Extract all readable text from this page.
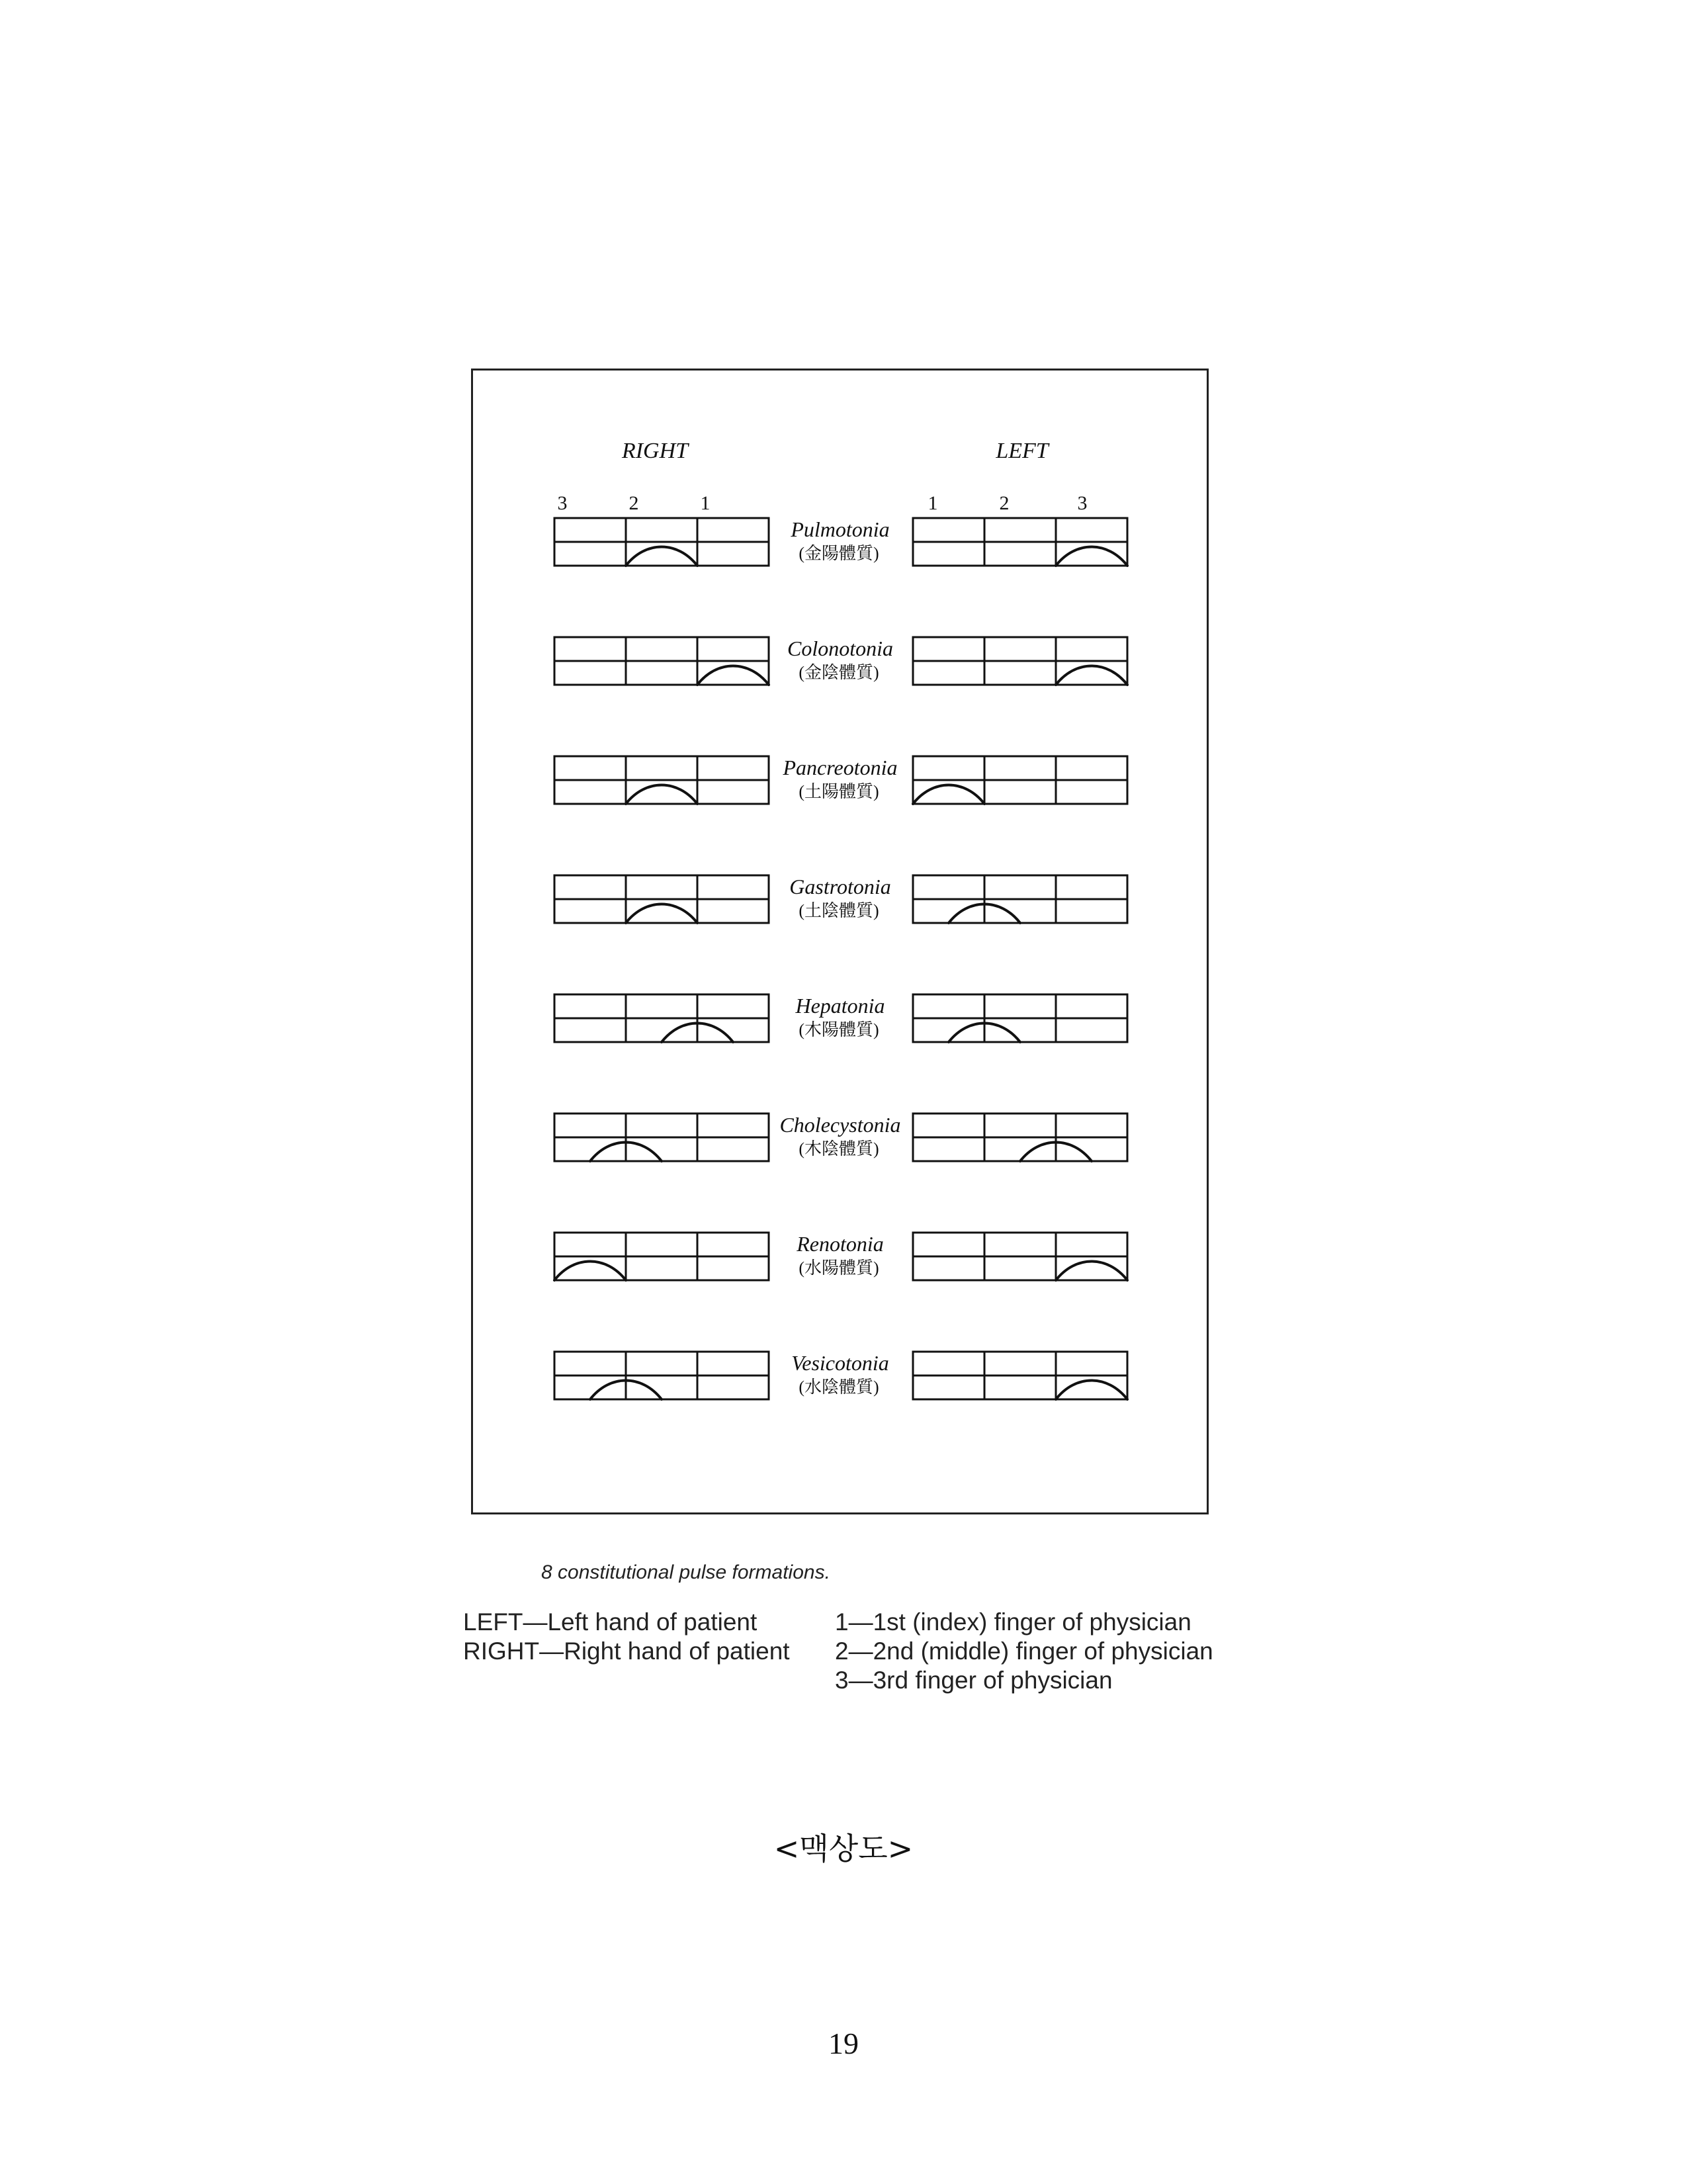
RIGHT	LEFT
3	2	1	1	2	3
Pulmotonia
(金陽體質)
Colonotonia
(金陰體質)
Pancreotonia
(土陽體質)
Gastrotonia
(土陰體質)
Hepatonia
(木陽體質)
Cholecystonia
(木陰體質)
Renotonia
(水陽體質)
Vesicotonia
(水陰體質)
8 constitutional pulse formations.
LEFT—Left hand of patient
RIGHT—Right hand of patient
1—1st (index) finger of physician
2—2nd (middle) finger of physician
3—3rd finger of physician
<맥상도>
19
